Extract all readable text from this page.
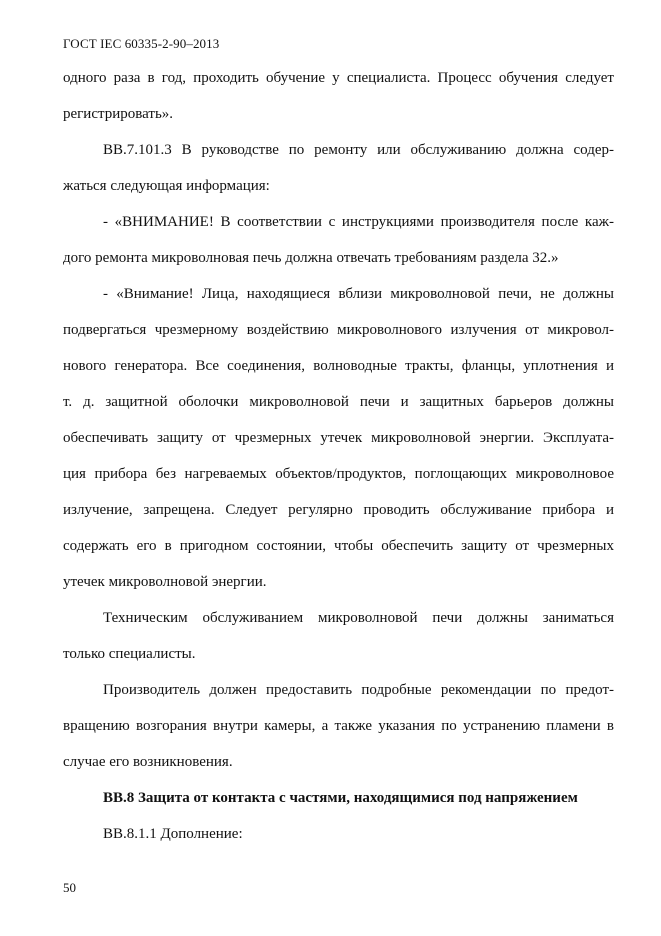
ГОСТ IEC 60335-2-90–2013
одного раза в год, проходить обучение у специалиста. Процесс обучения следует
регистрировать».
ВВ.7.101.3 В руководстве по ремонту или обслуживанию должна содер-
жаться следующая информация:
- «ВНИМАНИЕ! В соответствии с инструкциями производителя после каж-
дого ремонта микроволновая печь должна отвечать требованиям раздела 32.»
- «Внимание! Лица, находящиеся вблизи микроволновой печи, не должны
подвергаться чрезмерному воздействию микроволнового излучения от микровол-
нового генератора. Все соединения, волноводные тракты, фланцы, уплотнения и
т. д. защитной оболочки микроволновой печи и защитных барьеров должны
обеспечивать защиту от чрезмерных утечек микроволновой энергии. Эксплуата-
ция прибора без нагреваемых объектов/продуктов, поглощающих микроволновое
излучение, запрещена. Следует регулярно проводить обслуживание прибора и
содержать его в пригодном состоянии, чтобы обеспечить защиту от чрезмерных
утечек микроволновой энергии.
Техническим обслуживанием микроволновой печи должны заниматься
только специалисты.
Производитель должен предоставить подробные рекомендации по предот-
вращению возгорания внутри камеры, а также указания по устранению пламени в
случае его возникновения.
ВВ.8 Защита от контакта с частями, находящимися под напряжением
ВВ.8.1.1 Дополнение:
50
